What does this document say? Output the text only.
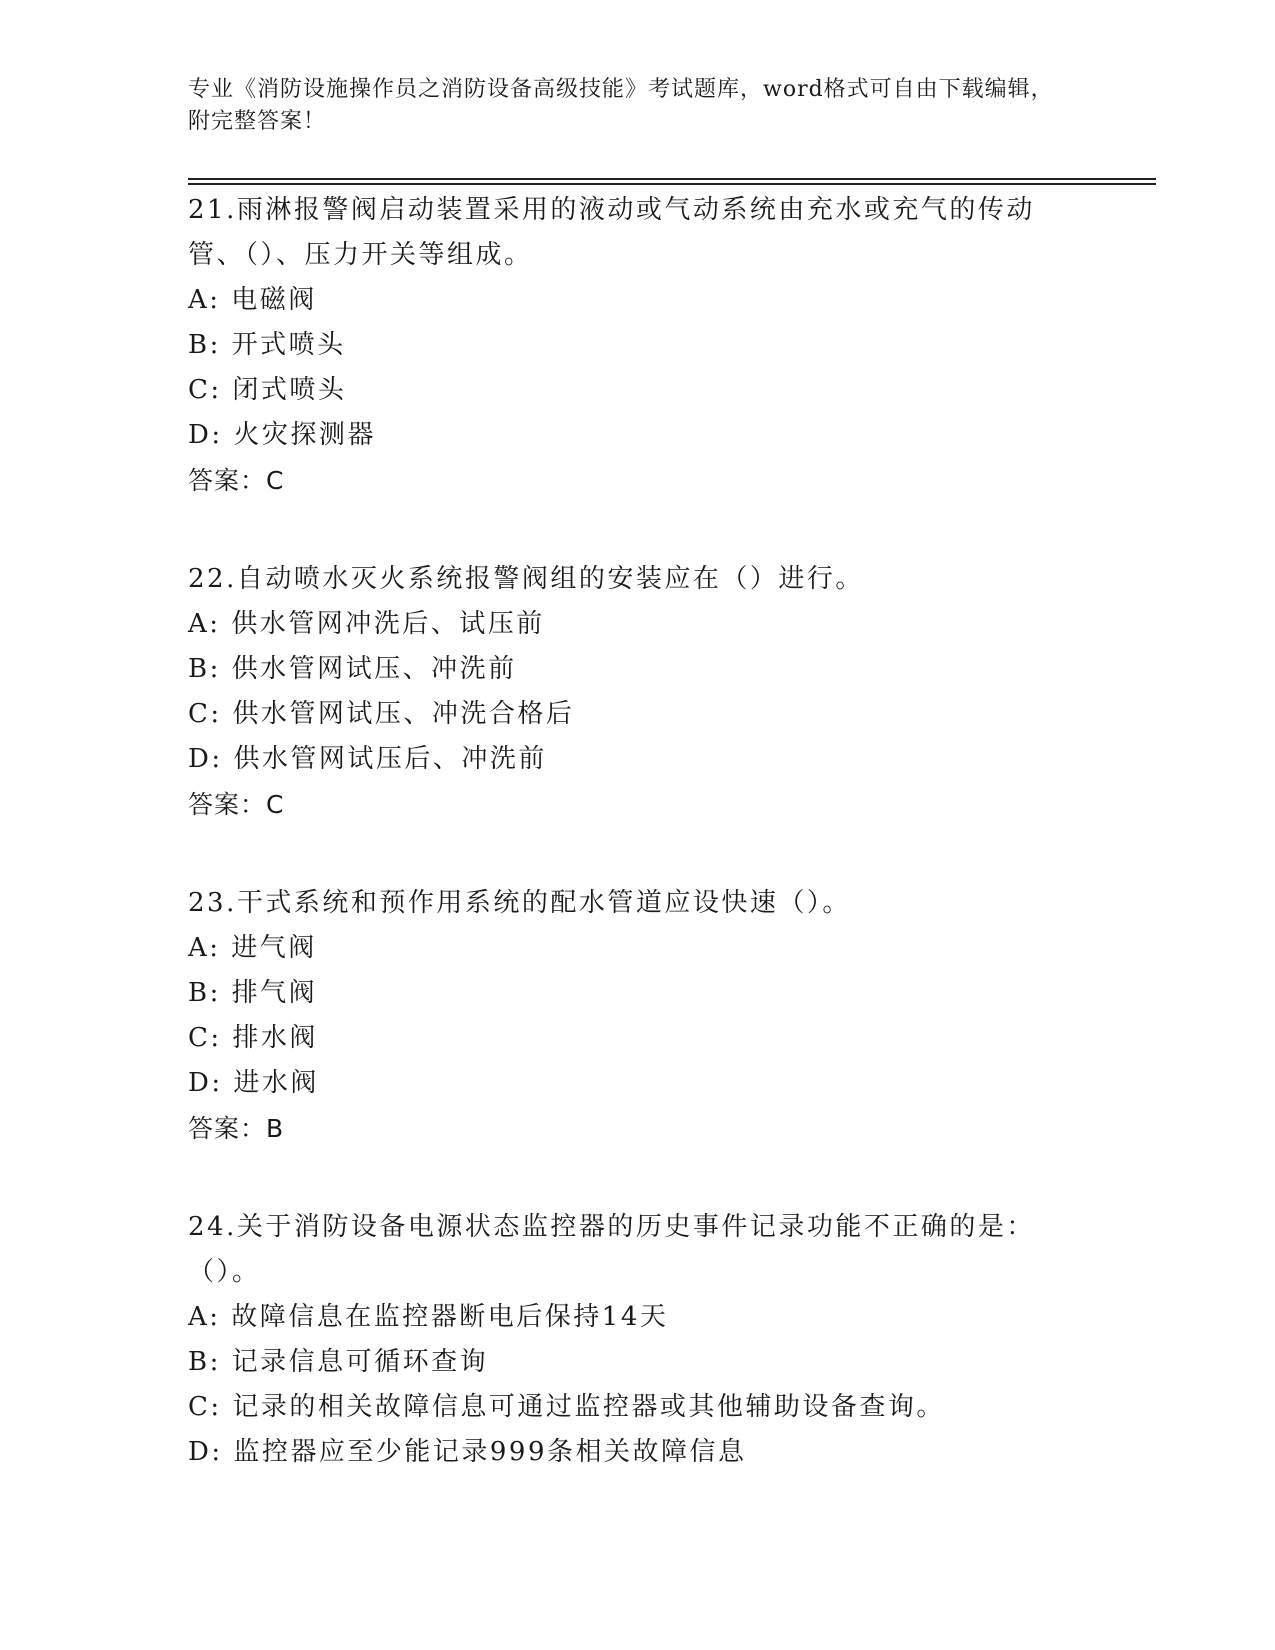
专业《消防设施操作员之消防设备高级技能》考试题库，word格式可自由下载编辑，附完整答案！

21.雨淋报警阀启动装置采用的液动或气动系统由充水或充气的传动管、（）、压力开关等组成。

A: 电磁阀

B: 开式喷头

C: 闭式喷头

D: 火灾探测器

答案：C

22.自动喷水灭火系统报警阀组的安装应在（）进行。

A: 供水管网冲洗后、试压前

B: 供水管网试压、冲洗前

C: 供水管网试压、冲洗合格后

D: 供水管网试压后、冲洗前

答案：C

23.干式系统和预作用系统的配水管道应设快速（）。

A: 进气阀

B: 排气阀

C: 排水阀

D: 进水阀

答案：B

24.关于消防设备电源状态监控器的历史事件记录功能不正确的是：（）。

A: 故障信息在监控器断电后保持14天

B: 记录信息可循环查询

C: 记录的相关故障信息可通过监控器或其他辅助设备查询。

D: 监控器应至少能记录999条相关故障信息
